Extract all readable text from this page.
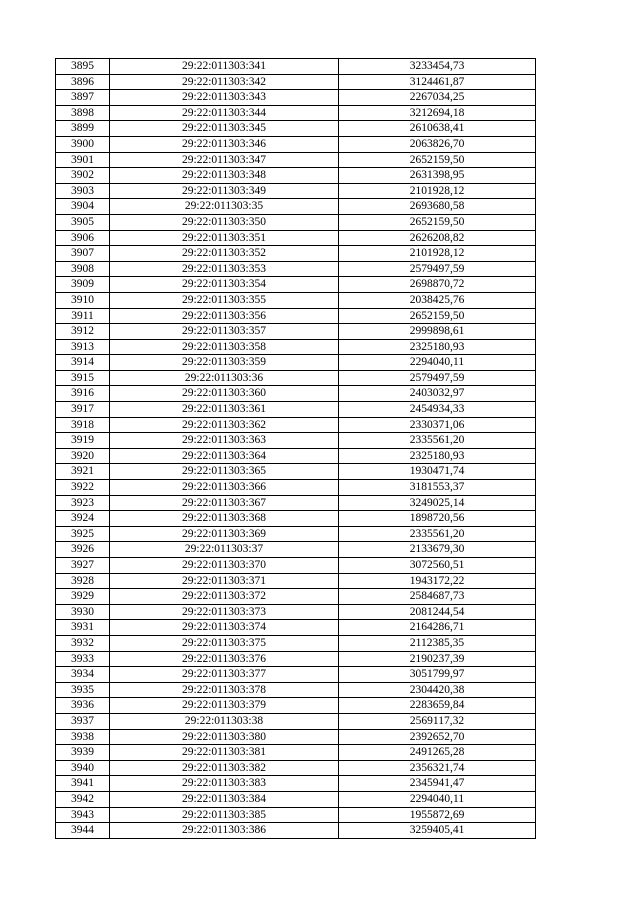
3895	29:22:011303:341	3233454,73
3896	29:22:011303:342	3124461,87
3897	29:22:011303:343	2267034,25
3898	29:22:011303:344	3212694,18
3899	29:22:011303:345	2610638,41
3900	29:22:011303:346	2063826,70
3901	29:22:011303:347	2652159,50
3902	29:22:011303:348	2631398,95
3903	29:22:011303:349	2101928,12
3904	29:22:011303:35	2693680,58
3905	29:22:011303:350	2652159,50
3906	29:22:011303:351	2626208,82
3907	29:22:011303:352	2101928,12
3908	29:22:011303:353	2579497,59
3909	29:22:011303:354	2698870,72
3910	29:22:011303:355	2038425,76
3911	29:22:011303:356	2652159,50
3912	29:22:011303:357	2999898,61
3913	29:22:011303:358	2325180,93
3914	29:22:011303:359	2294040,11
3915	29:22:011303:36	2579497,59
3916	29:22:011303:360	2403032,97
3917	29:22:011303:361	2454934,33
3918	29:22:011303:362	2330371,06
3919	29:22:011303:363	2335561,20
3920	29:22:011303:364	2325180,93
3921	29:22:011303:365	1930471,74
3922	29:22:011303:366	3181553,37
3923	29:22:011303:367	3249025,14
3924	29:22:011303:368	1898720,56
3925	29:22:011303:369	2335561,20
3926	29:22:011303:37	2133679,30
3927	29:22:011303:370	3072560,51
3928	29:22:011303:371	1943172,22
3929	29:22:011303:372	2584687,73
3930	29:22:011303:373	2081244,54
3931	29:22:011303:374	2164286,71
3932	29:22:011303:375	2112385,35
3933	29:22:011303:376	2190237,39
3934	29:22:011303:377	3051799,97
3935	29:22:011303:378	2304420,38
3936	29:22:011303:379	2283659,84
3937	29:22:011303:38	2569117,32
3938	29:22:011303:380	2392652,70
3939	29:22:011303:381	2491265,28
3940	29:22:011303:382	2356321,74
3941	29:22:011303:383	2345941,47
3942	29:22:011303:384	2294040,11
3943	29:22:011303:385	1955872,69
3944	29:22:011303:386	3259405,41
